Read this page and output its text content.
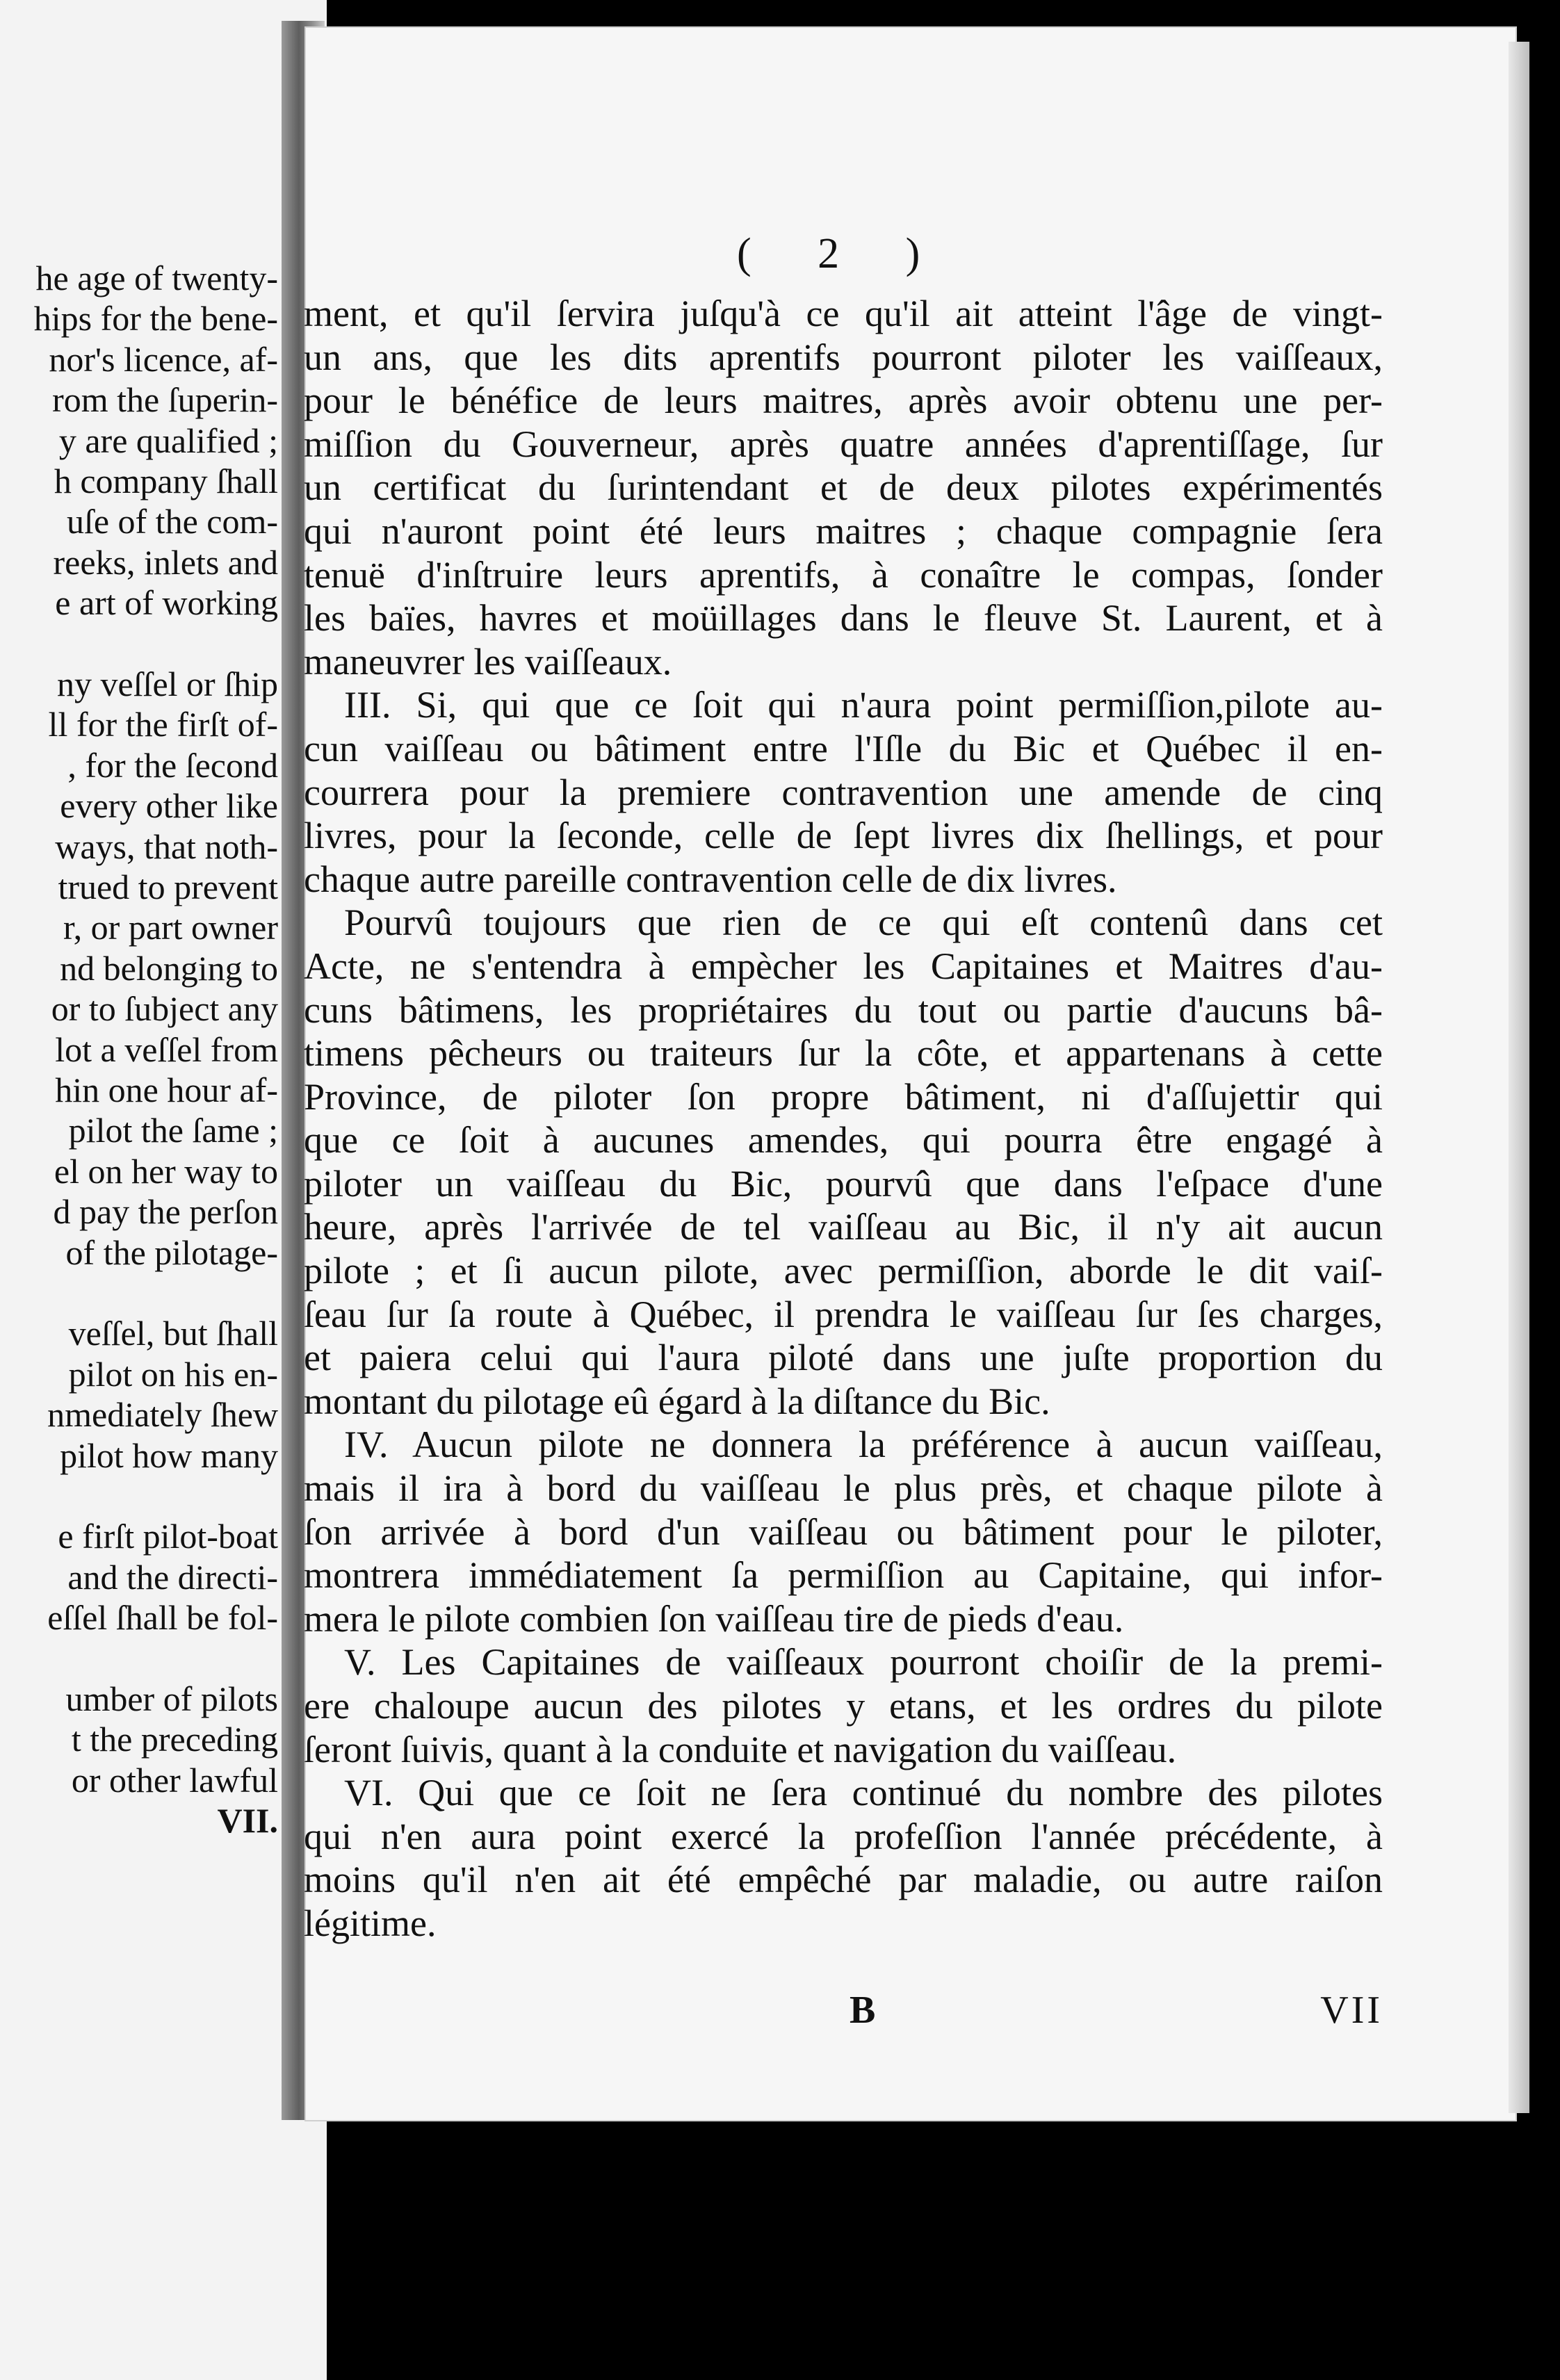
he age of twenty-
hips for the bene-
nor's licence, af-
rom the ſuperin-
y are qualified ;
h company ſhall
uſe of the com-
reeks, inlets and
e art of working
ny veſſel or ſhip
ll for the firſt of-
, for the ſecond
every other like
ways, that noth-
trued to prevent
r, or part owner
nd belonging to
or to ſubject any
lot a veſſel from
hin one hour af-
pilot the ſame ;
el on her way to
d pay the perſon
of the pilotage-
veſſel, but ſhall
pilot on his en-
nmediately ſhew
pilot how many
e firſt pilot-boat
and the directi-
eſſel ſhall be fol-
umber of pilots
t the preceding
or other lawful
VII.
( 2 )
ment, et qu'il ſervira juſqu'à ce qu'il ait atteint l'âge de vingt-
un ans, que les dits aprentifs pourront piloter les vaiſſeaux,
pour le bénéfice de leurs maitres, après avoir obtenu une per-
miſſion du Gouverneur, après quatre années d'aprentiſſage, ſur
un certificat du ſurintendant et de deux pilotes expérimentés
qui n'auront point été leurs maitres ; chaque compagnie ſera
tenuë d'inſtruire leurs aprentifs, à conaître le compas, ſonder
les baïes, havres et moüillages dans le fleuve St. Laurent, et à
maneuvrer les vaiſſeaux.
III. Si, qui que ce ſoit qui n'aura point permiſſion,pilote au-
cun vaiſſeau ou bâtiment entre l'Iſle du Bic et Québec il en-
courrera pour la premiere contravention une amende de cinq
livres, pour la ſeconde, celle de ſept livres dix ſhellings, et pour
chaque autre pareille contravention celle de dix livres.
Pourvû toujours que rien de ce qui eſt contenû dans cet
Acte, ne s'entendra à empècher les Capitaines et Maitres d'au-
cuns bâtimens, les propriétaires du tout ou partie d'aucuns bâ-
timens pêcheurs ou traiteurs ſur la côte, et appartenans à cette
Province, de piloter ſon propre bâtiment, ni d'aſſujettir qui
que ce ſoit à aucunes amendes, qui pourra être engagé à
piloter un vaiſſeau du Bic, pourvû que dans l'eſpace d'une
heure, après l'arrivée de tel vaiſſeau au Bic, il n'y ait aucun
pilote ; et ſi aucun pilote, avec permiſſion, aborde le dit vaiſ-
ſeau ſur ſa route à Québec, il prendra le vaiſſeau ſur ſes charges,
et paiera celui qui l'aura piloté dans une juſte proportion du
montant du pilotage eû égard à la diſtance du Bic.
IV. Aucun pilote ne donnera la préférence à aucun vaiſſeau,
mais il ira à bord du vaiſſeau le plus près, et chaque pilote à
ſon arrivée à bord d'un vaiſſeau ou bâtiment pour le piloter,
montrera immédiatement ſa permiſſion au Capitaine, qui infor-
mera le pilote combien ſon vaiſſeau tire de pieds d'eau.
V. Les Capitaines de vaiſſeaux pourront choiſir de la premi-
ere chaloupe aucun des pilotes y etans, et les ordres du pilote
ſeront ſuivis, quant à la conduite et navigation du vaiſſeau.
VI. Qui que ce ſoit ne ſera continué du nombre des pilotes
qui n'en aura point exercé la profeſſion l'année précédente, à
moins qu'il n'en ait été empêché par maladie, ou autre raiſon
légitime.
B	VII
